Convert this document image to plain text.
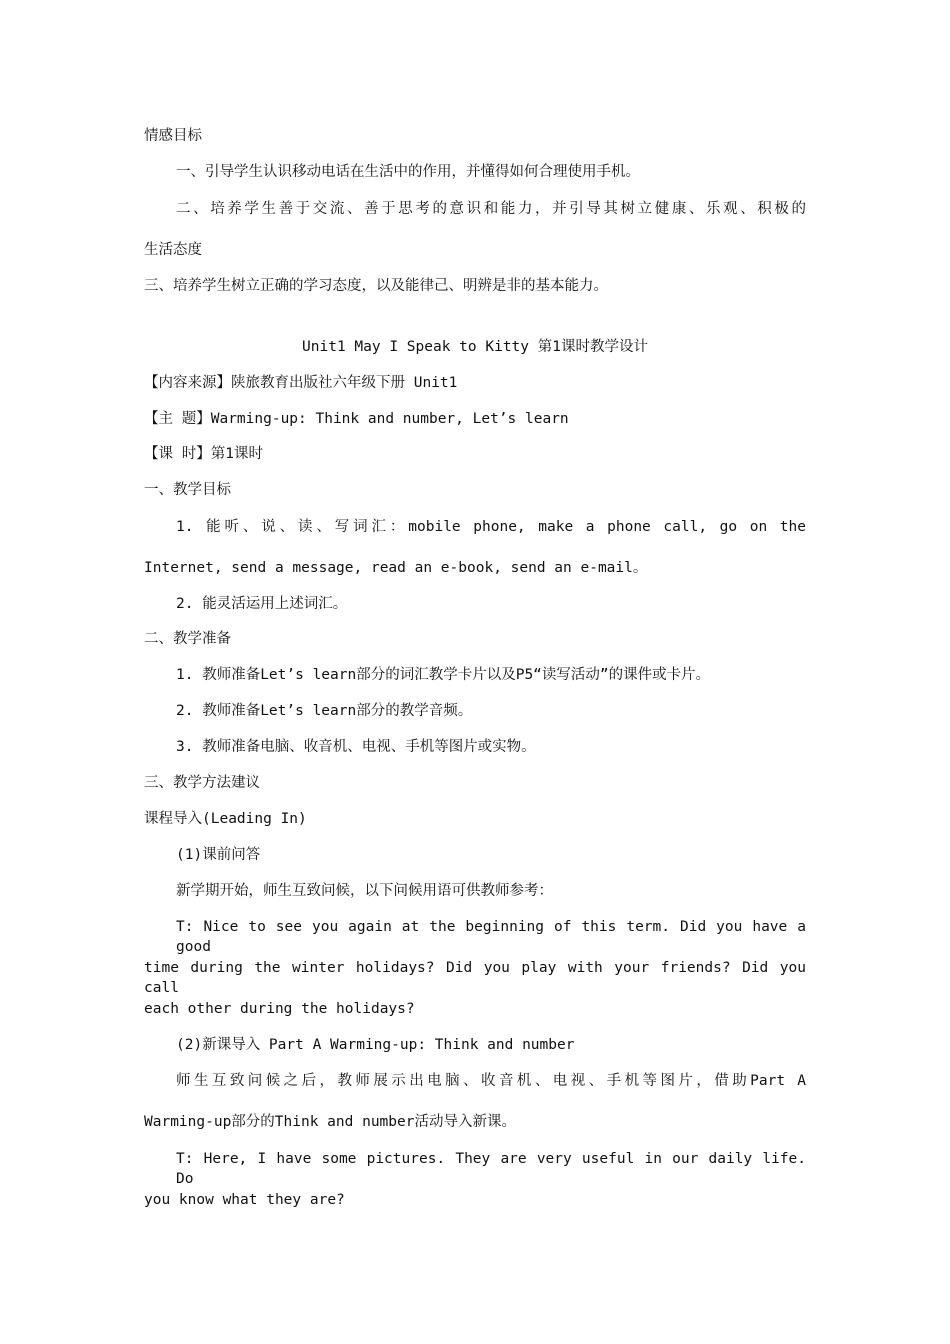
情感目标
一、引导学生认识移动电话在生活中的作用，并懂得如何合理使用手机。
二、培养学生善于交流、善于思考的意识和能力，并引导其树立健康、乐观、积极的
生活态度
三、培养学生树立正确的学习态度，以及能律己、明辨是非的基本能力。
Unit1 May I Speak to Kitty 第1课时教学设计
【内容来源】陕旅教育出版社六年级下册 Unit1
【主 题】Warming-up: Think and number, Let’s learn
【课 时】第1课时
一、教学目标
1. 能听、说、读、写词汇：mobile phone, make a phone call, go on the
Internet, send a message, read an e-book, send an e-mail。
2. 能灵活运用上述词汇。
二、教学准备
1. 教师准备Let’s learn部分的词汇教学卡片以及P5“读写活动”的课件或卡片。
2. 教师准备Let’s learn部分的教学音频。
3. 教师准备电脑、收音机、电视、手机等图片或实物。
三、教学方法建议
课程导入(Leading In)
(1)课前问答
新学期开始，师生互致问候，以下问候用语可供教师参考：
T: Nice to see you again at the beginning of this term. Did you have a good
time during the winter holidays? Did you play with your friends? Did you call
each other during the holidays?
(2)新课导入 Part A Warming-up: Think and number
师生互致问候之后，教师展示出电脑、收音机、电视、手机等图片，借助Part A
Warming-up部分的Think and number活动导入新课。
T: Here, I have some pictures. They are very useful in our daily life. Do
you know what they are?
